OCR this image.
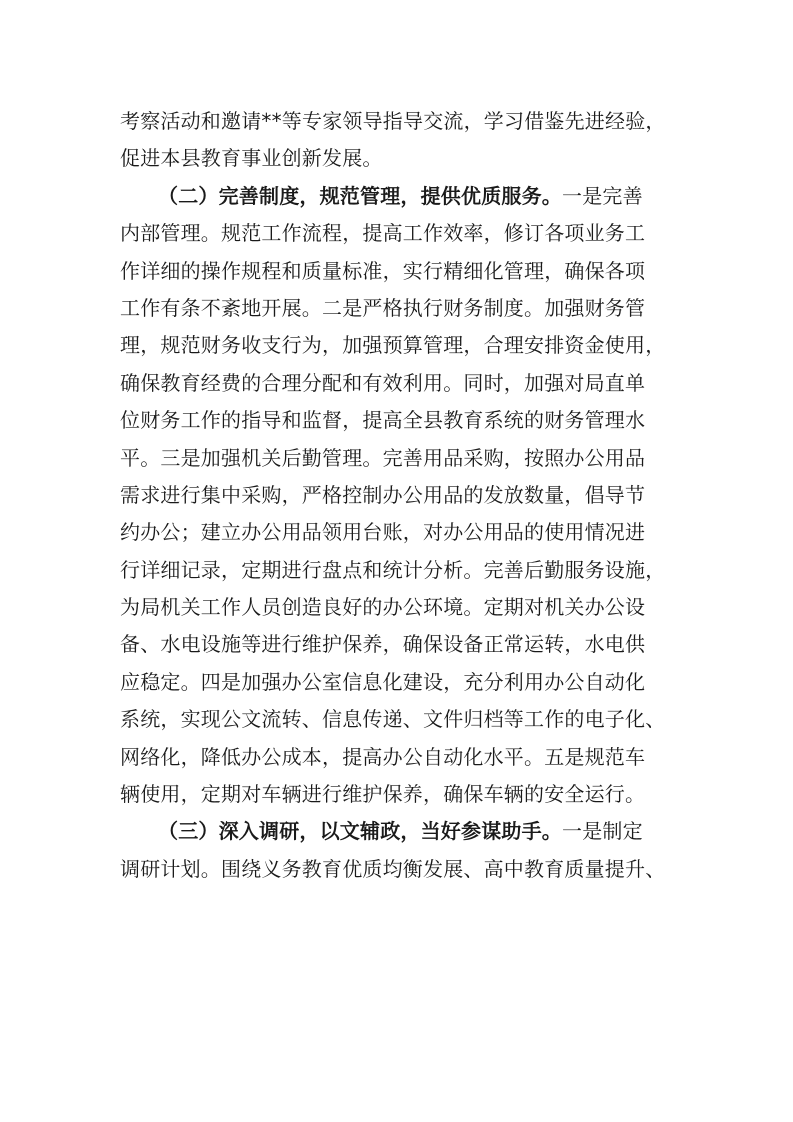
考察活动和邀请**等专家领导指导交流，学习借鉴先进经验，
促进本县教育事业创新发展。
（二）完善制度，规范管理，提供优质服务。一是完善
内部管理。规范工作流程，提高工作效率，修订各项业务工
作详细的操作规程和质量标准，实行精细化管理，确保各项
工作有条不紊地开展。二是严格执行财务制度。加强财务管
理，规范财务收支行为，加强预算管理，合理安排资金使用，
确保教育经费的合理分配和有效利用。同时，加强对局直单
位财务工作的指导和监督，提高全县教育系统的财务管理水
平。三是加强机关后勤管理。完善用品采购，按照办公用品
需求进行集中采购，严格控制办公用品的发放数量，倡导节
约办公；建立办公用品领用台账，对办公用品的使用情况进
行详细记录，定期进行盘点和统计分析。完善后勤服务设施，
为局机关工作人员创造良好的办公环境。定期对机关办公设
备、水电设施等进行维护保养，确保设备正常运转，水电供
应稳定。四是加强办公室信息化建设，充分利用办公自动化
系统，实现公文流转、信息传递、文件归档等工作的电子化、
网络化，降低办公成本，提高办公自动化水平。五是规范车
辆使用，定期对车辆进行维护保养，确保车辆的安全运行。
（三）深入调研，以文辅政，当好参谋助手。一是制定
调研计划。围绕义务教育优质均衡发展、高中教育质量提升、
